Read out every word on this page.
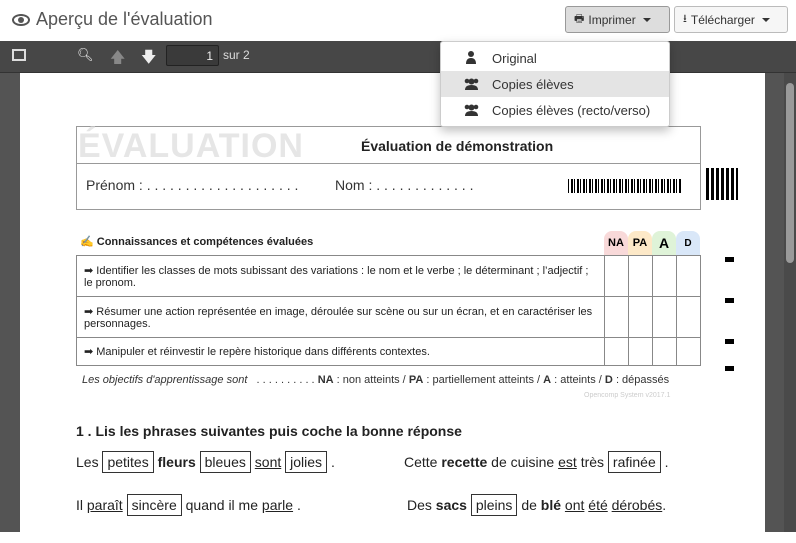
Aperçu de l'évaluation	🖶 Imprimer	⭳ Télécharger
🔍︎ 🡅 🡇
1	sur 2
ÉVALUATION	Évaluation de démonstration
Prénom : . . . . . . . . . . . . . . . . . . . .	Nom : . . . . . . . . . . . . .
✍ Connaissances et compétences évaluées	NA PA A	D
➡ Identifier les classes de mots subissant des variations : le nom et le verbe ; le déterminant ; l’adjectif ; le pronom.				
➡ Résumer une action représentée en image, déroulée sur scène ou sur un écran, et en caractériser les personnages.				
➡ Manipuler et réinvestir le repère historique dans différents contextes.				
Les objectifs d'apprentissage sont . . . . . . . . . . NA : non atteints / PA : partiellement atteints / A : atteints / D : dépassés
Opencomp System v2017.1
1 . Lis les phrases suivantes puis coche la bonne réponse
Les petites fleurs bleues sont jolies .	Cette recette de cuisine est très rafinée .
Il paraît sincère quand il me parle .	Des sacs pleins de blé ont été dérobés.
Original
Copies élèves
Copies élèves (recto/verso)
